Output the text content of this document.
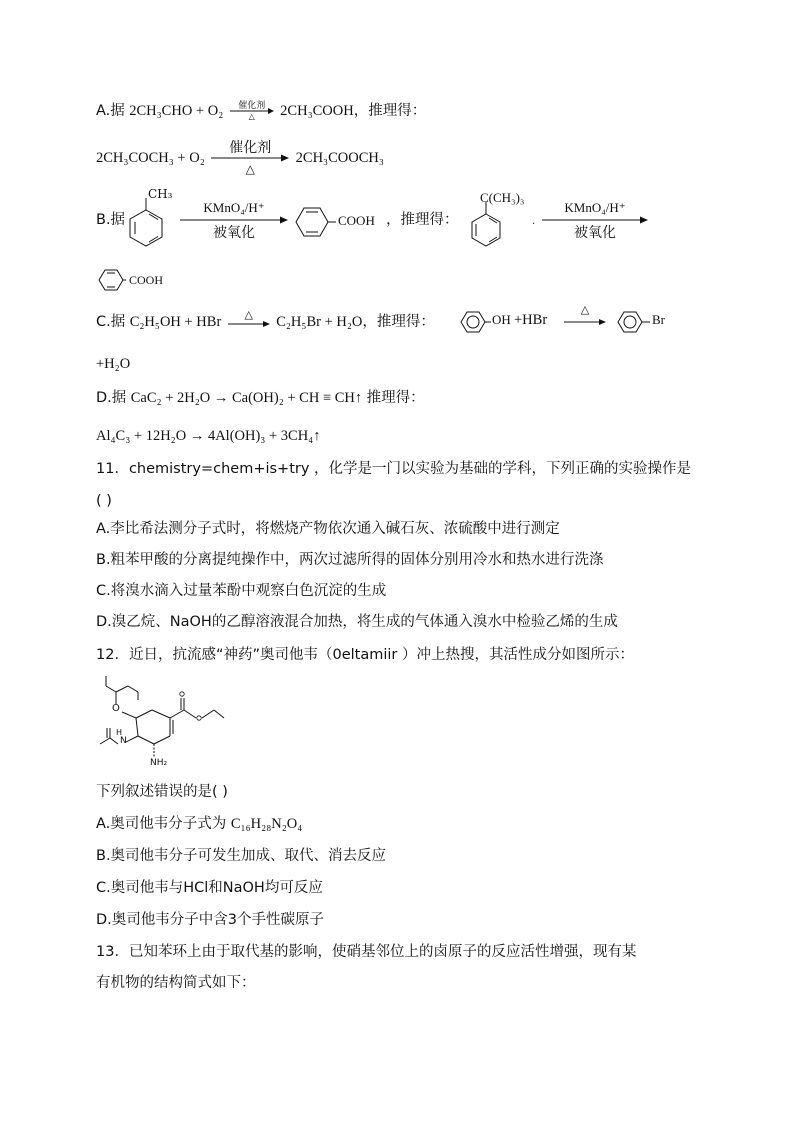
A.据 2CH₃CHO + O₂	催化剂
△	2CH₃COOH，推理得：
2CH₃COCH₃ + O₂
催化剂
△
2CH₃COOCH₃
B.据
CH₃
KMnO₄/H⁺
被氧化
COOH ，推理得：
C(CH₃)₃
.
KMnO₄/H⁺
被氧化
COOH
C.据 C₂H₅OH + HBr	△	C₂H₅Br + H₂O，推理得：	OH +HBr
△
Br
+H₂O
D.据 CaC₂ + 2H₂O → Ca(OH)₂ + CH ≡ CH↑ 推理得：
Al₄C₃ + 12H₂O → 4Al(OH)₃ + 3CH₄↑
11．chemistry=chem+is+try ，化学是一门以实验为基础的学科，下列正确的实验操作是
( )
A.李比希法测分子式时，将燃烧产物依次通入碱石灰、浓硫酸中进行测定
B.粗苯甲酸的分离提纯操作中，两次过滤所得的固体分别用冷水和热水进行洗涤
C.将溴水滴入过量苯酚中观察白色沉淀的生成
D.溴乙烷、NaOH的乙醇溶液混合加热，将生成的气体通入溴水中检验乙烯的生成
12．近日，抗流感“神药”奥司他韦（0eltamiir ）冲上热搜，其活性成分如图所示：
O
N
H
NH₂
下列叙述错误的是( )
A.奥司他韦分子式为 C₁₆H₂₈N₂O₄
B.奥司他韦分子可发生加成、取代、消去反应
C.奥司他韦与HCl和NaOH均可反应
D.奥司他韦分子中含3个手性碳原子
13．已知苯环上由于取代基的影响，使硝基邻位上的卤原子的反应活性增强，现有某
有机物的结构简式如下：
